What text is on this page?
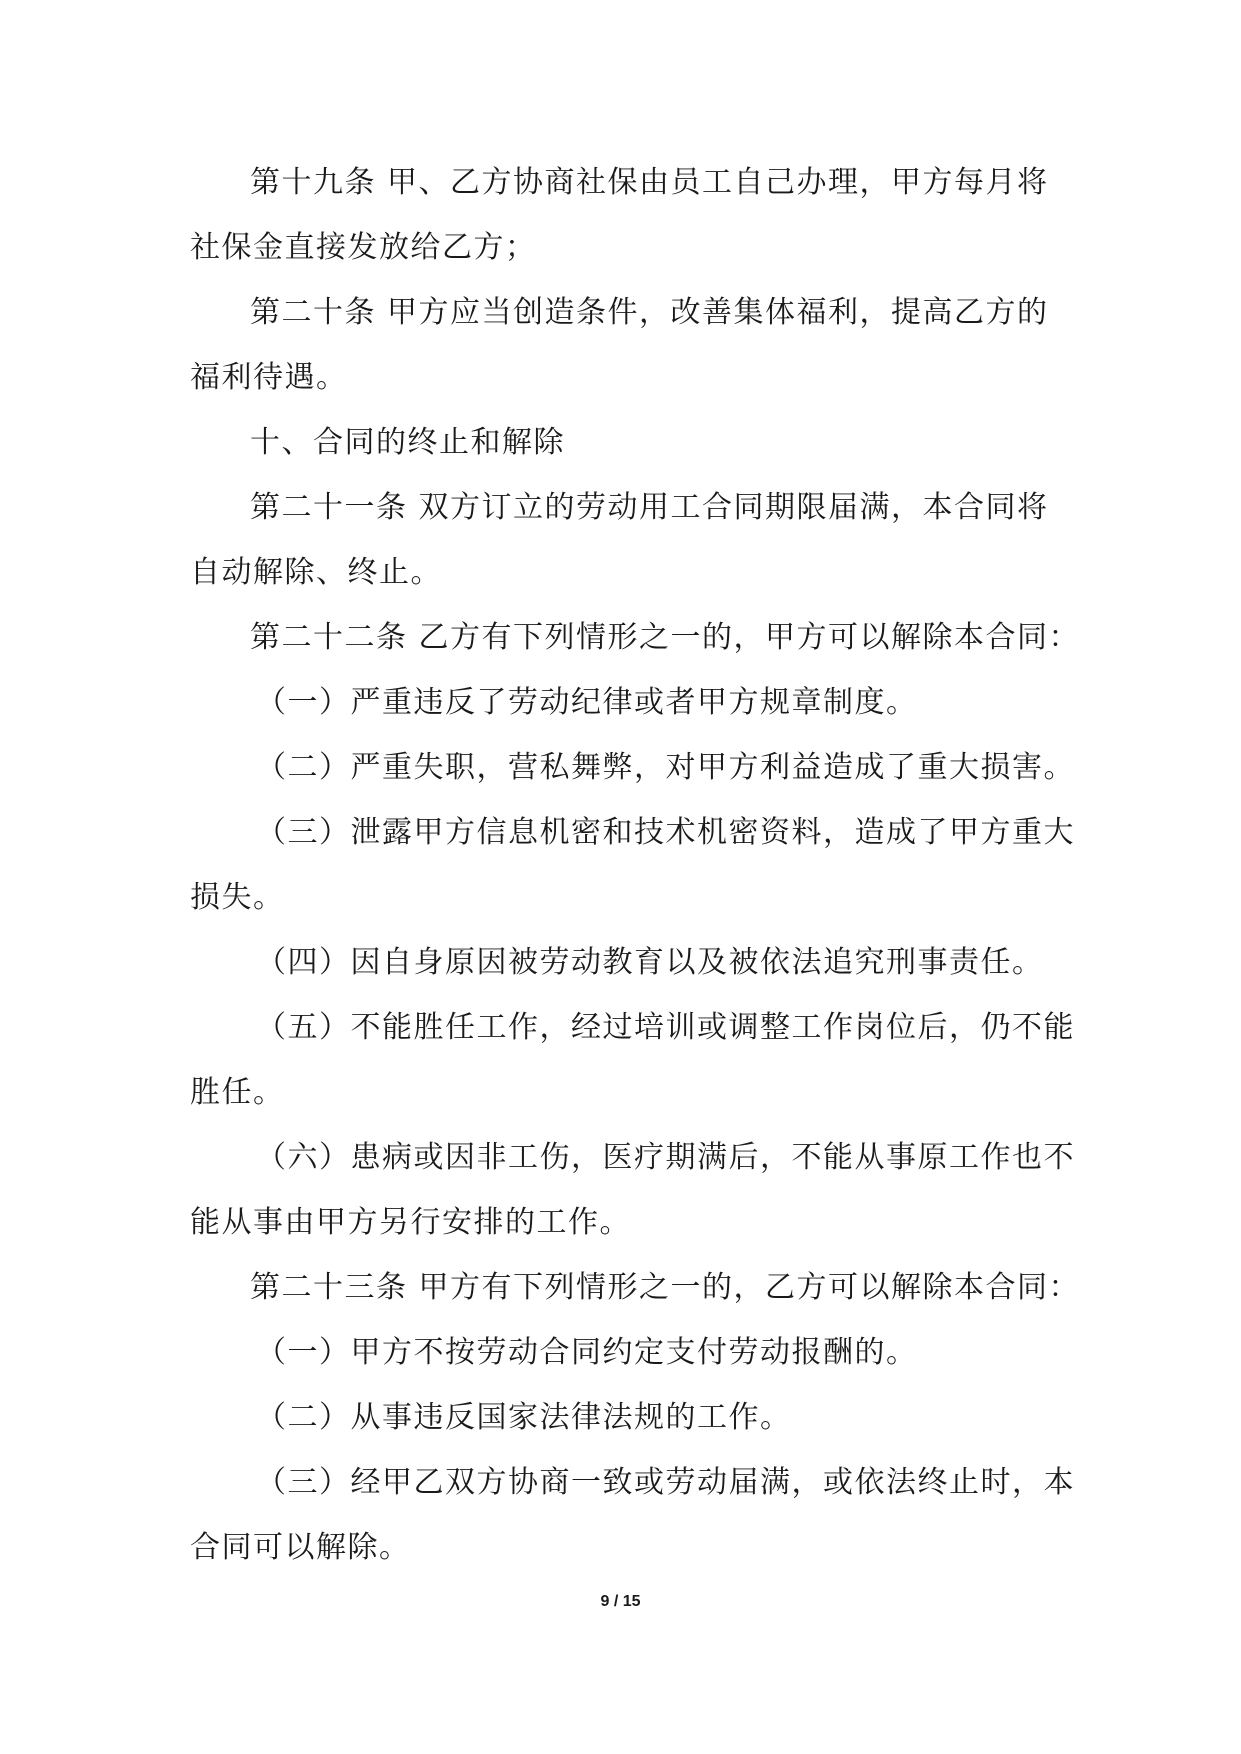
第十九条 甲、乙方协商社保由员工自己办理，甲方每月将

社保金直接发放给乙方；

第二十条 甲方应当创造条件，改善集体福利，提高乙方的

福利待遇。

十、合同的终止和解除

第二十一条 双方订立的劳动用工合同期限届满，本合同将

自动解除、终止。

第二十二条 乙方有下列情形之一的，甲方可以解除本合同：

（一）严重违反了劳动纪律或者甲方规章制度。

（二）严重失职，营私舞弊，对甲方利益造成了重大损害。

（三）泄露甲方信息机密和技术机密资料，造成了甲方重大

损失。

（四）因自身原因被劳动教育以及被依法追究刑事责任。

（五）不能胜任工作，经过培训或调整工作岗位后，仍不能

胜任。

（六）患病或因非工伤，医疗期满后，不能从事原工作也不

能从事由甲方另行安排的工作。

第二十三条 甲方有下列情形之一的，乙方可以解除本合同：

（一）甲方不按劳动合同约定支付劳动报酬的。

（二）从事违反国家法律法规的工作。

（三）经甲乙双方协商一致或劳动届满，或依法终止时，本

合同可以解除。

9 / 15
